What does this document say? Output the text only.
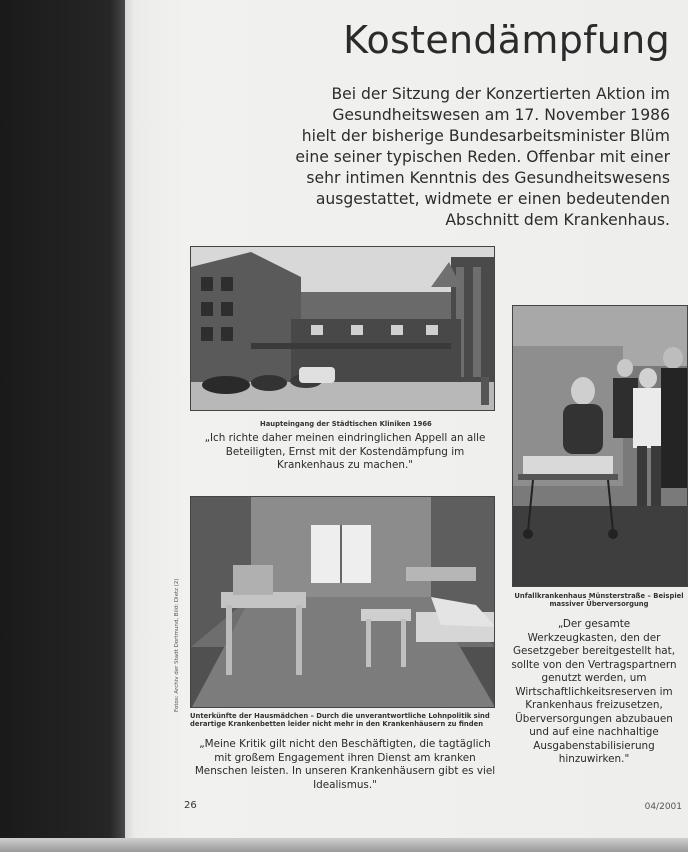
Kostendämpfung
Bei der Sitzung der Konzertierten Aktion im
Gesundheitswesen am 17. November 1986
hielt der bisherige Bundesarbeitsminister Blüm
eine seiner typischen Reden. Offenbar mit einer
sehr intimen Kenntnis des Gesundheitswesens
ausgestattet, widmete er einen bedeutenden
Abschnitt dem Krankenhaus.
Haupteingang der Städtischen Kliniken 1966
„Ich richte daher meinen eindringlichen Appell an alle
Beteiligten, Ernst mit der Kostendämpfung im
Krankenhaus zu machen."
Unfallkrankenhaus Münsterstraße – Beispiel massiver Überversorgung
„Der gesamte
Werkzeugkasten, den der
Gesetzgeber bereitgestellt hat,
sollte von den Vertragspartnern
genutzt werden, um
Wirtschaftlichkeitsreserven im
Krankenhaus freizusetzen,
Überversorgungen abzubauen
und auf eine nachhaltige
Ausgabenstabilisierung
hinzuwirken."
Unterkünfte der Hausmädchen – Durch die unverantwortliche Lohnpolitik sind derartige Krankenbetten leider nicht mehr in den Krankenhäusern zu finden
„Meine Kritik gilt nicht den Beschäftigten, die tagtäglich
mit großem Engagement ihren Dienst am kranken
Menschen leisten. In unseren Krankenhäusern gibt es viel
Idealismus."
Fotos: Archiv der Stadt Dortmund, Bild: Dietz (2)
26	04/2001
